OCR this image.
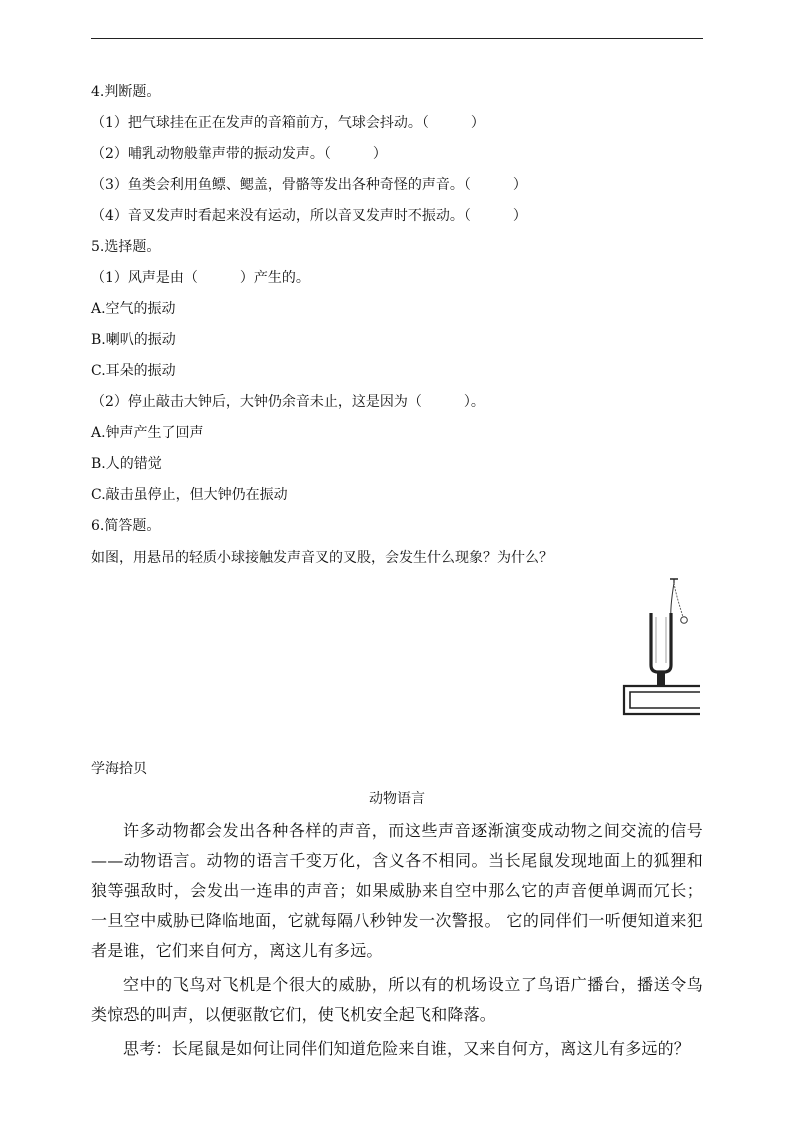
4.判断题。
（1）把气球挂在正在发声的音箱前方，气球会抖动。（　　　）
（2）哺乳动物般靠声带的振动发声。（　　　）
（3）鱼类会利用鱼鳔、鳃盖，骨骼等发出各种奇怪的声音。（　　　）
（4）音叉发声时看起来没有运动，所以音叉发声时不振动。（　　　）
5.选择题。
（1）风声是由（　　　）产生的。
A.空气的振动
B.喇叭的振动
C.耳朵的振动
（2）停止敲击大钟后，大钟仍余音未止，这是因为（　　　）。
A.钟声产生了回声
B.人的错觉
C.敲击虽停止，但大钟仍在振动
6.简答题。
如图，用悬吊的轻质小球接触发声音叉的叉股，会发生什么现象？为什么？
学海拾贝
动物语言
许多动物都会发出各种各样的声音，而这些声音逐渐演变成动物之间交流的信号——动物语言。动物的语言千变万化，含义各不相同。当长尾鼠发现地面上的狐狸和狼等强敌时，会发出一连串的声音；如果威胁来自空中那么它的声音便单调而冗长；一旦空中威胁已降临地面，它就每隔八秒钟发一次警报。 它的同伴们一听便知道来犯者是谁，它们来自何方，离这儿有多远。
空中的飞鸟对飞机是个很大的威胁，所以有的机场设立了鸟语广播台，播送令鸟类惊恐的叫声，以便驱散它们，使飞机安全起飞和降落。
思考：长尾鼠是如何让同伴们知道危险来自谁，又来自何方，离这儿有多远的？
